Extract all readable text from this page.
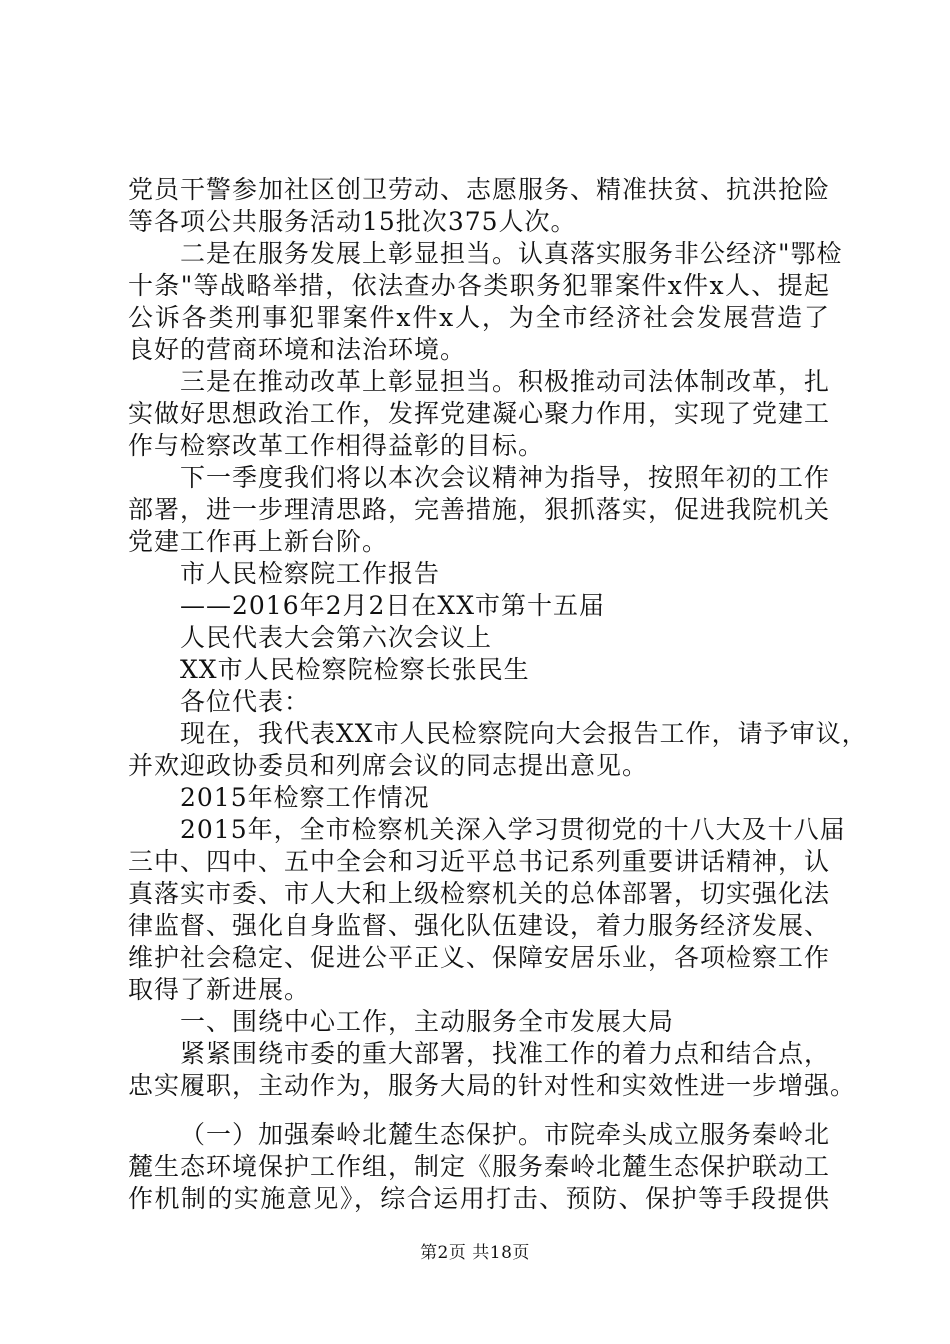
党员干警参加社区创卫劳动、志愿服务、精准扶贫、抗洪抢险
等各项公共服务活动15批次375人次。
二是在服务发展上彰显担当。认真落实服务非公经济"鄂检
十条"等战略举措，依法查办各类职务犯罪案件x件x人、提起
公诉各类刑事犯罪案件x件x人，为全市经济社会发展营造了
良好的营商环境和法治环境。
三是在推动改革上彰显担当。积极推动司法体制改革，扎
实做好思想政治工作，发挥党建凝心聚力作用，实现了党建工
作与检察改革工作相得益彰的目标。
下一季度我们将以本次会议精神为指导，按照年初的工作
部署，进一步理清思路，完善措施，狠抓落实，促进我院机关
党建工作再上新台阶。
市人民检察院工作报告
——2016年2月2日在XX市第十五届
人民代表大会第六次会议上
XX市人民检察院检察长张民生
各位代表：
现在，我代表XX市人民检察院向大会报告工作，请予审议，
并欢迎政协委员和列席会议的同志提出意见。
2015年检察工作情况
2015年，全市检察机关深入学习贯彻党的十八大及十八届
三中、四中、五中全会和习近平总书记系列重要讲话精神，认
真落实市委、市人大和上级检察机关的总体部署，切实强化法
律监督、强化自身监督、强化队伍建设，着力服务经济发展、
维护社会稳定、促进公平正义、保障安居乐业，各项检察工作
取得了新进展。
一、围绕中心工作，主动服务全市发展大局
紧紧围绕市委的重大部署，找准工作的着力点和结合点，
忠实履职，主动作为，服务大局的针对性和实效性进一步增强。
（一）加强秦岭北麓生态保护。市院牵头成立服务秦岭北
麓生态环境保护工作组，制定《服务秦岭北麓生态保护联动工
作机制的实施意见》，综合运用打击、预防、保护等手段提供
第2页 共18页
